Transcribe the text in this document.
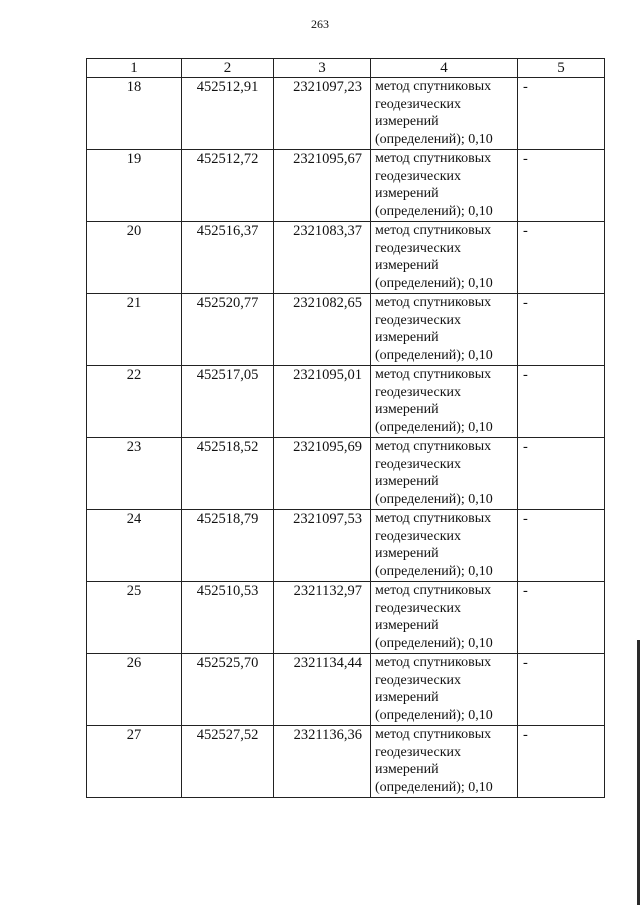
263
1	2	3	4	5
18	452512,91	2321097,23	метод спутниковых
геодезических
измерений
(определений); 0,10	-
19	452512,72	2321095,67	метод спутниковых
геодезических
измерений
(определений); 0,10	-
20	452516,37	2321083,37	метод спутниковых
геодезических
измерений
(определений); 0,10	-
21	452520,77	2321082,65	метод спутниковых
геодезических
измерений
(определений); 0,10	-
22	452517,05	2321095,01	метод спутниковых
геодезических
измерений
(определений); 0,10	-
23	452518,52	2321095,69	метод спутниковых
геодезических
измерений
(определений); 0,10	-
24	452518,79	2321097,53	метод спутниковых
геодезических
измерений
(определений); 0,10	-
25	452510,53	2321132,97	метод спутниковых
геодезических
измерений
(определений); 0,10	-
26	452525,70	2321134,44	метод спутниковых
геодезических
измерений
(определений); 0,10	-
27	452527,52	2321136,36	метод спутниковых
геодезических
измерений
(определений); 0,10	-
